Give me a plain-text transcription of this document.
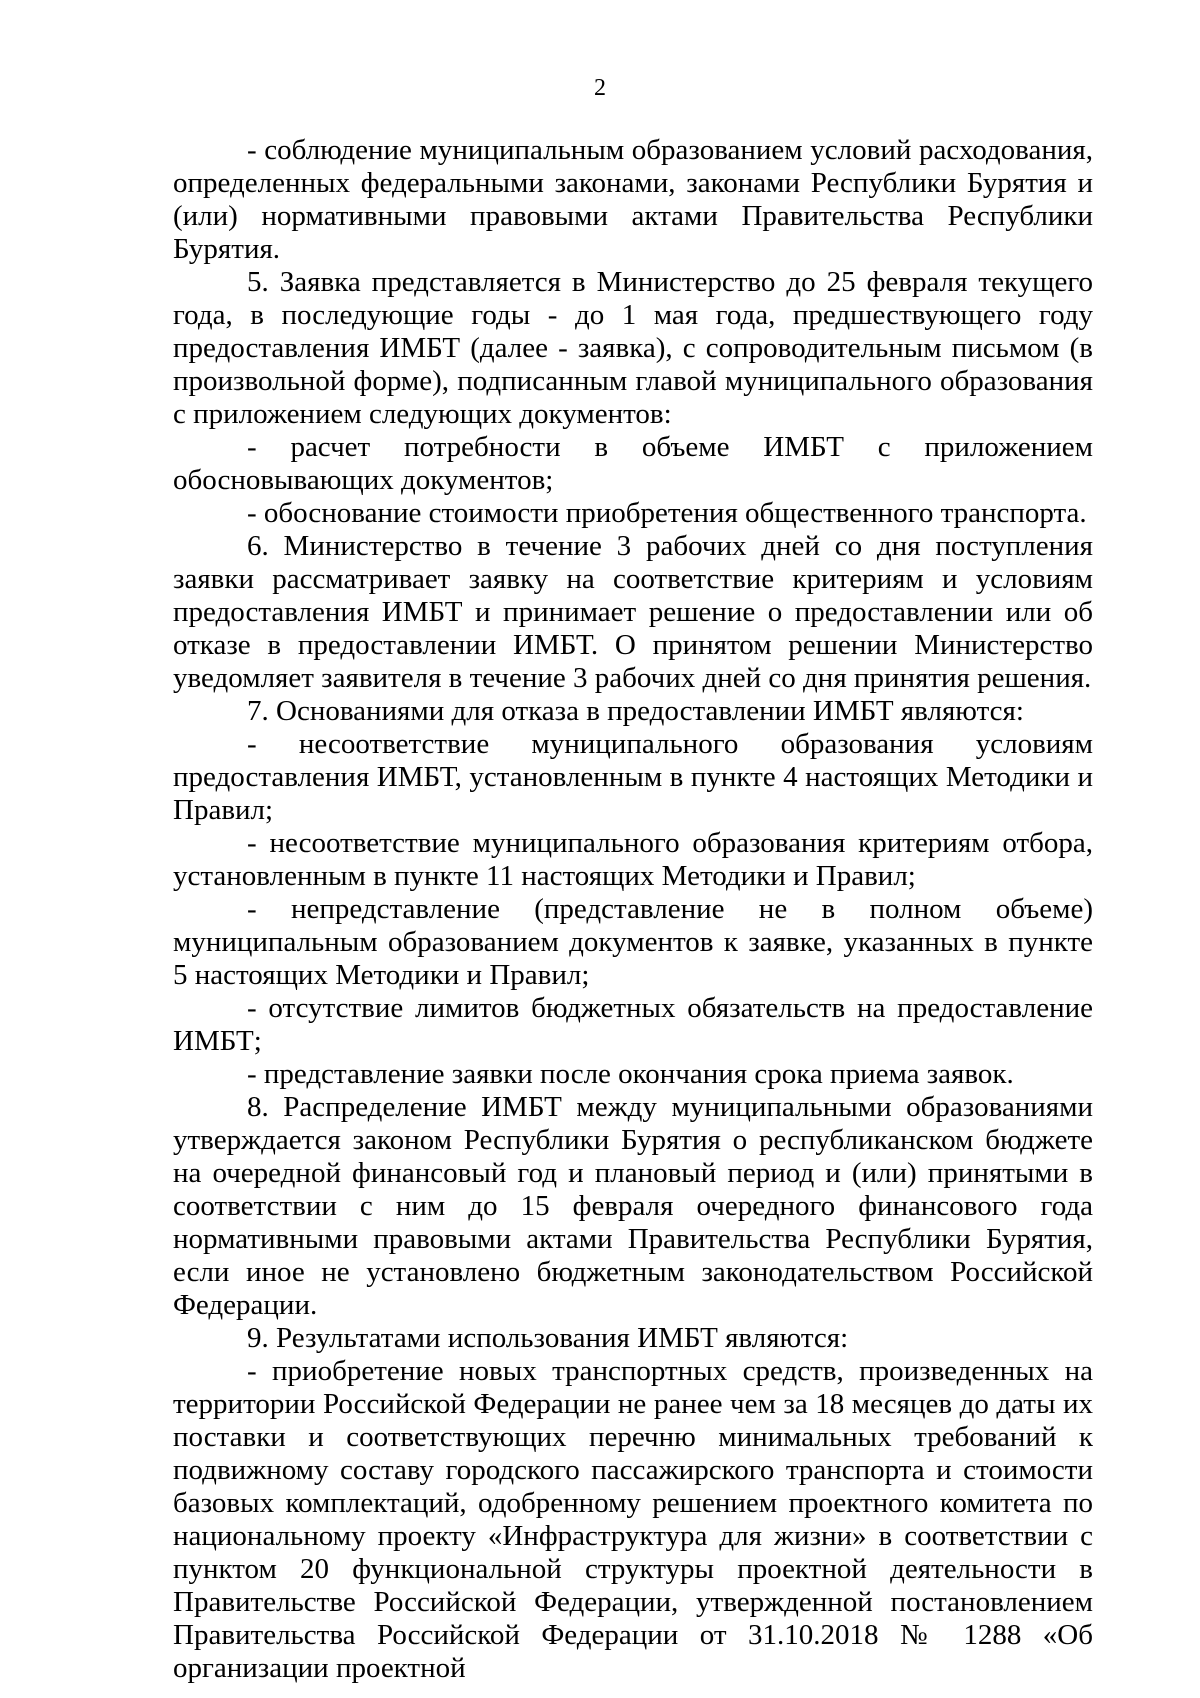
2

- соблюдение муниципальным образованием условий расходования, определенных федеральными законами, законами Республики Бурятия и (или) нормативными правовыми актами Правительства Республики Бурятия.

5. Заявка представляется в Министерство до 25 февраля текущего года, в последующие годы - до 1 мая года, предшествующего году предоставления ИМБТ (далее - заявка), с сопроводительным письмом (в произвольной форме), подписанным главой муниципального образования с приложением следующих документов:

- расчет потребности в объеме ИМБТ с приложением обосновывающих документов;

- обоснование стоимости приобретения общественного транспорта.

6. Министерство в течение 3 рабочих дней со дня поступления заявки рассматривает заявку на соответствие критериям и условиям предоставления ИМБТ и принимает решение о предоставлении или об отказе в предоставлении ИМБТ. О принятом решении Министерство уведомляет заявителя в течение 3 рабочих дней со дня принятия решения.

7. Основаниями для отказа в предоставлении ИМБТ являются:

- несоответствие муниципального образования условиям предоставления ИМБТ, установленным в пункте 4 настоящих Методики и Правил;

- несоответствие муниципального образования критериям отбора, установленным в пункте 11 настоящих Методики и Правил;

- непредставление (представление не в полном объеме) муниципальным образованием документов к заявке, указанных в пункте 5 настоящих Методики и Правил;

- отсутствие лимитов бюджетных обязательств на предоставление ИМБТ;

- представление заявки после окончания срока приема заявок.

8. Распределение ИМБТ между муниципальными образованиями утверждается законом Республики Бурятия о республиканском бюджете на очередной финансовый год и плановый период и (или) принятыми в соответствии с ним до 15 февраля очередного финансового года нормативными правовыми актами Правительства Республики Бурятия, если иное не установлено бюджетным законодательством Российской Федерации.

9. Результатами использования ИМБТ являются:

- приобретение новых транспортных средств, произведенных на территории Российской Федерации не ранее чем за 18 месяцев до даты их поставки и соответствующих перечню минимальных требований к подвижному составу городского пассажирского транспорта и стоимости базовых комплектаций, одобренному решением проектного комитета по национальному проекту «Инфраструктура для жизни» в соответствии с пунктом 20 функциональной структуры проектной деятельности в Правительстве Российской Федерации, утвержденной постановлением Правительства Российской Федерации от 31.10.2018 № 1288 «Об организации проектной
